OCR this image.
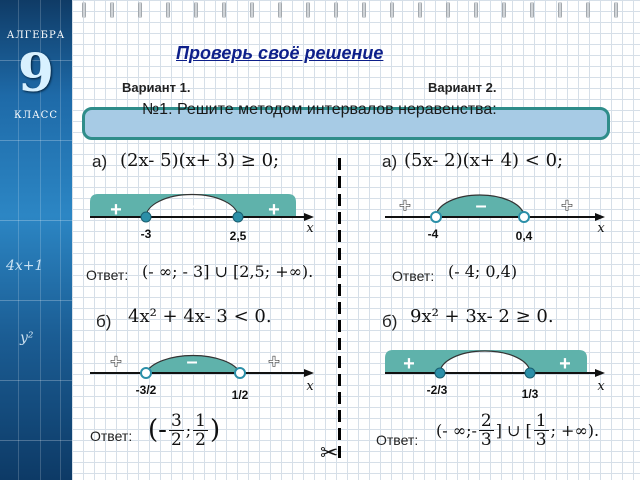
АЛГЕБРА
9
КЛАСС
4x+1
y²
Проверь своё решение
Вариант 1.	Вариант 2.
№1. Решите методом интервалов неравенства:
а) (2x- 5)(x+ 3) ≥ 0;
+	–	+
-3	2,5	x
Ответ: (- ∞; - 3] ∪ [2,5; +∞).
а) (5x- 2)(x+ 4) < 0;
+	–	+
-4	0,4	x
Ответ: (- 4; 0,4)
б) 4x² + 4x- 3 < 0.
+	–	+
-3/2	1/2
x
Ответ: (- $\frac{3}{2}$ ; $\frac{1}{2}$ )
б) 9x² + 3x- 2 ≥ 0.
+	–	+
-2/3	1/3	x
Ответ: (- ∞;- $\frac{2}{3}$ ] ∪ [ $\frac{1}{3}$ ; +∞).
✂
